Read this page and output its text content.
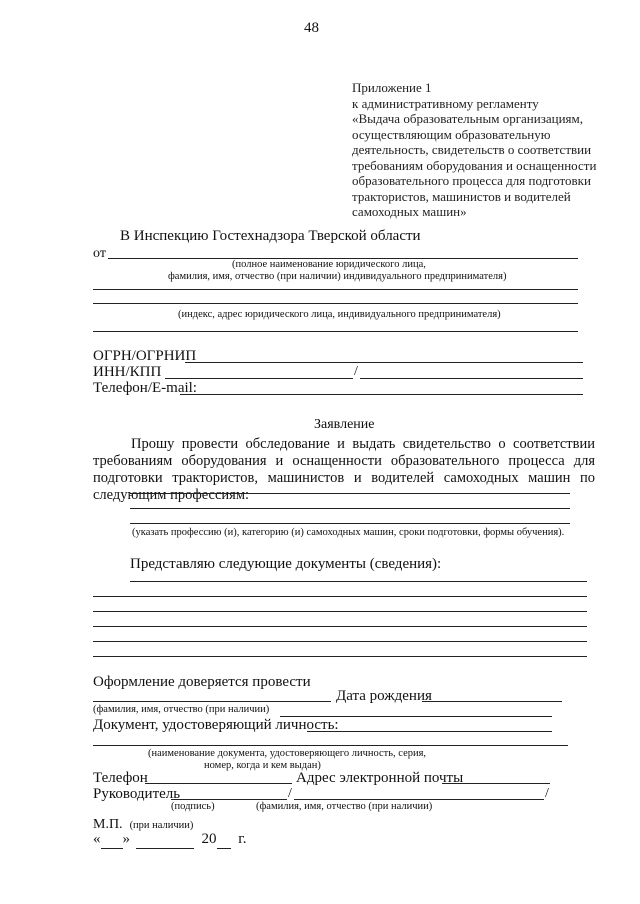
48
Приложение 1
к административному регламенту
«Выдача образовательным организациям,
осуществляющим образовательную
деятельность, свидетельств о соответствии
требованиям оборудования и оснащенности
образовательного процесса для подготовки
трактористов, машинистов и водителей
самоходных машин»
В Инспекцию Гостехнадзора Тверской области
от
(полное наименование юридического лица,
фамилия, имя, отчество (при наличии) индивидуального предпринимателя)
(индекс, адрес юридического лица, индивидуального предпринимателя)
ОГРН/ОГРНИП
ИНН/КПП	/
Телефон/E-mail:
Заявление
Прошу провести обследование и выдать свидетельство о соответствии требованиям оборудования и оснащенности образовательного процесса для подготовки трактористов, машинистов и водителей самоходных машин по следующим профессиям:
(указать профессию (и), категорию (и) самоходных машин, сроки подготовки, формы обучения).
Представляю следующие документы (сведения):
Оформление доверяется провести
Дата рождения
(фамилия, имя, отчество (при наличии)
Документ, удостоверяющий личность:
(наименование документа, удостоверяющего личность, серия,
номер, когда и кем выдан)
Телефон	Адрес электронной почты
Руководитель	/	/
(подпись)	(фамилия, имя, отчество (при наличии)
М.П. (при наличии)
« »	20 г.
